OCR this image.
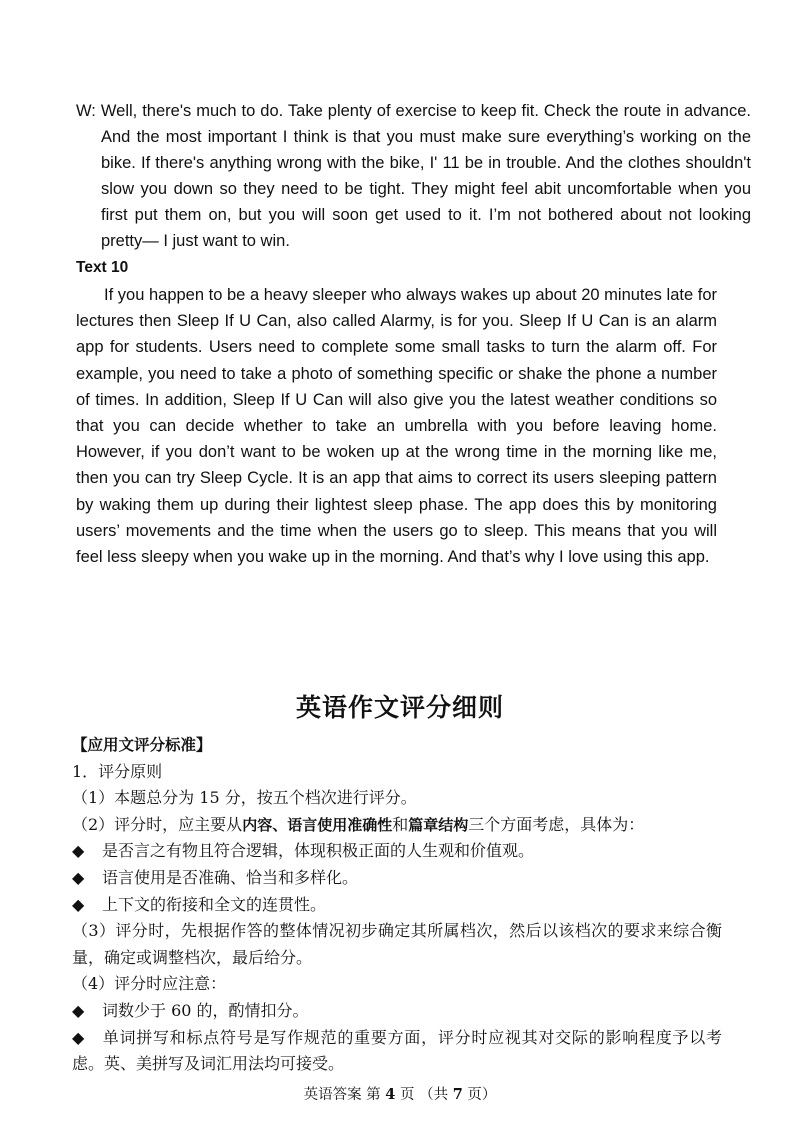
W: Well, there's much to do. Take plenty of exercise to keep fit. Check the route in advance. And the most important I think is that you must make sure everything’s working on the bike. If there's anything wrong with the bike, I' 11 be in trouble. And the clothes shouldn't slow you down so they need to be tight. They might feel abit uncomfortable when you first put them on, but you will soon get used to it. I’m not bothered about not looking pretty— I just want to win.
Text 10
If you happen to be a heavy sleeper who always wakes up about 20 minutes late for lectures then Sleep If U Can, also called Alarmy, is for you. Sleep If U Can is an alarm app for students. Users need to complete some small tasks to turn the alarm off. For example, you need to take a photo of something specific or shake the phone a number of times. In addition, Sleep If U Can will also give you the latest weather conditions so that you can decide whether to take an umbrella with you before leaving home. However, if you don’t want to be woken up at the wrong time in the morning like me, then you can try Sleep Cycle. It is an app that aims to correct its users sleeping pattern by waking them up during their lightest sleep phase. The app does this by monitoring users’ movements and the time when the users go to sleep. This means that you will feel less sleepy when you wake up in the morning. And that’s why I love using this app.
英语作文评分细则
【应用文评分标准】
1．评分原则
（1）本题总分为 15 分，按五个档次进行评分。
（2）评分时，应主要从内容、语言使用准确性和篇章结构三个方面考虑，具体为：
◆ 是否言之有物且符合逻辑，体现积极正面的人生观和价值观。
◆ 语言使用是否准确、恰当和多样化。
◆ 上下文的衔接和全文的连贯性。
（3）评分时，先根据作答的整体情况初步确定其所属档次，然后以该档次的要求来综合衡量，确定或调整档次，最后给分。
（4）评分时应注意：
◆ 词数少于 60 的，酌情扣分。
◆ 单词拼写和标点符号是写作规范的重要方面，评分时应视其对交际的影响程度予以考虑。英、美拼写及词汇用法均可接受。
英语答案 第 4 页 （共 7 页）
